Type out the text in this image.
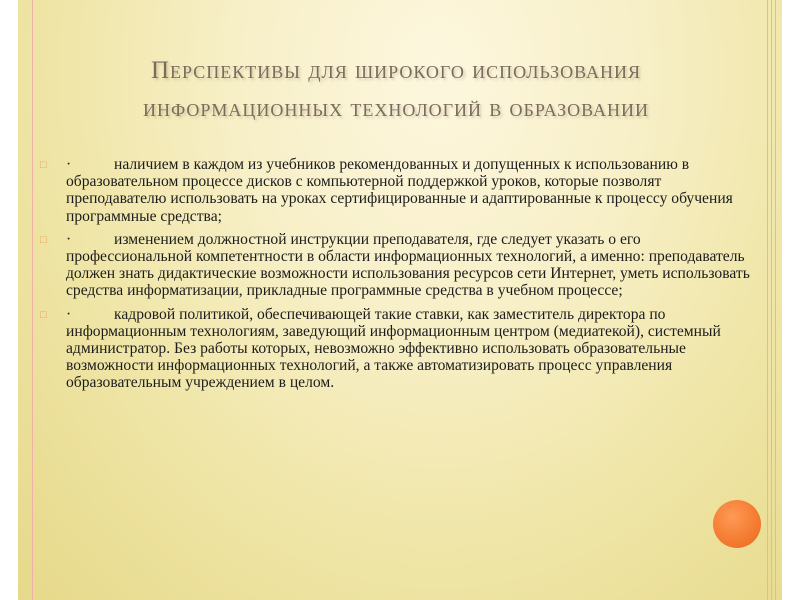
Перспективы для широкого использования
информационных технологий в образовании
□ ·	наличием в каждом из учебников рекомендованных и допущенных к использованию в образовательном процессе дисков с компьютерной поддержкой уроков, которые позволят преподавателю использовать на уроках сертифицированные и адаптированные к процессу обучения программные средства;
□ ·	изменением должностной инструкции преподавателя, где следует указать о его профессиональной компетентности в области информационных технологий, а именно: преподаватель должен знать дидактические возможности использования ресурсов сети Интернет, уметь использовать средства информатизации, прикладные программные средства в учебном процессе;
□ ·	кадровой политикой, обеспечивающей такие ставки, как заместитель директора по информационным технологиям, заведующий информационным центром (медиатекой), системный администратор. Без работы которых, невозможно эффективно использовать образовательные возможности информационных технологий, а также автоматизировать процесс управления образовательным учреждением в целом.
